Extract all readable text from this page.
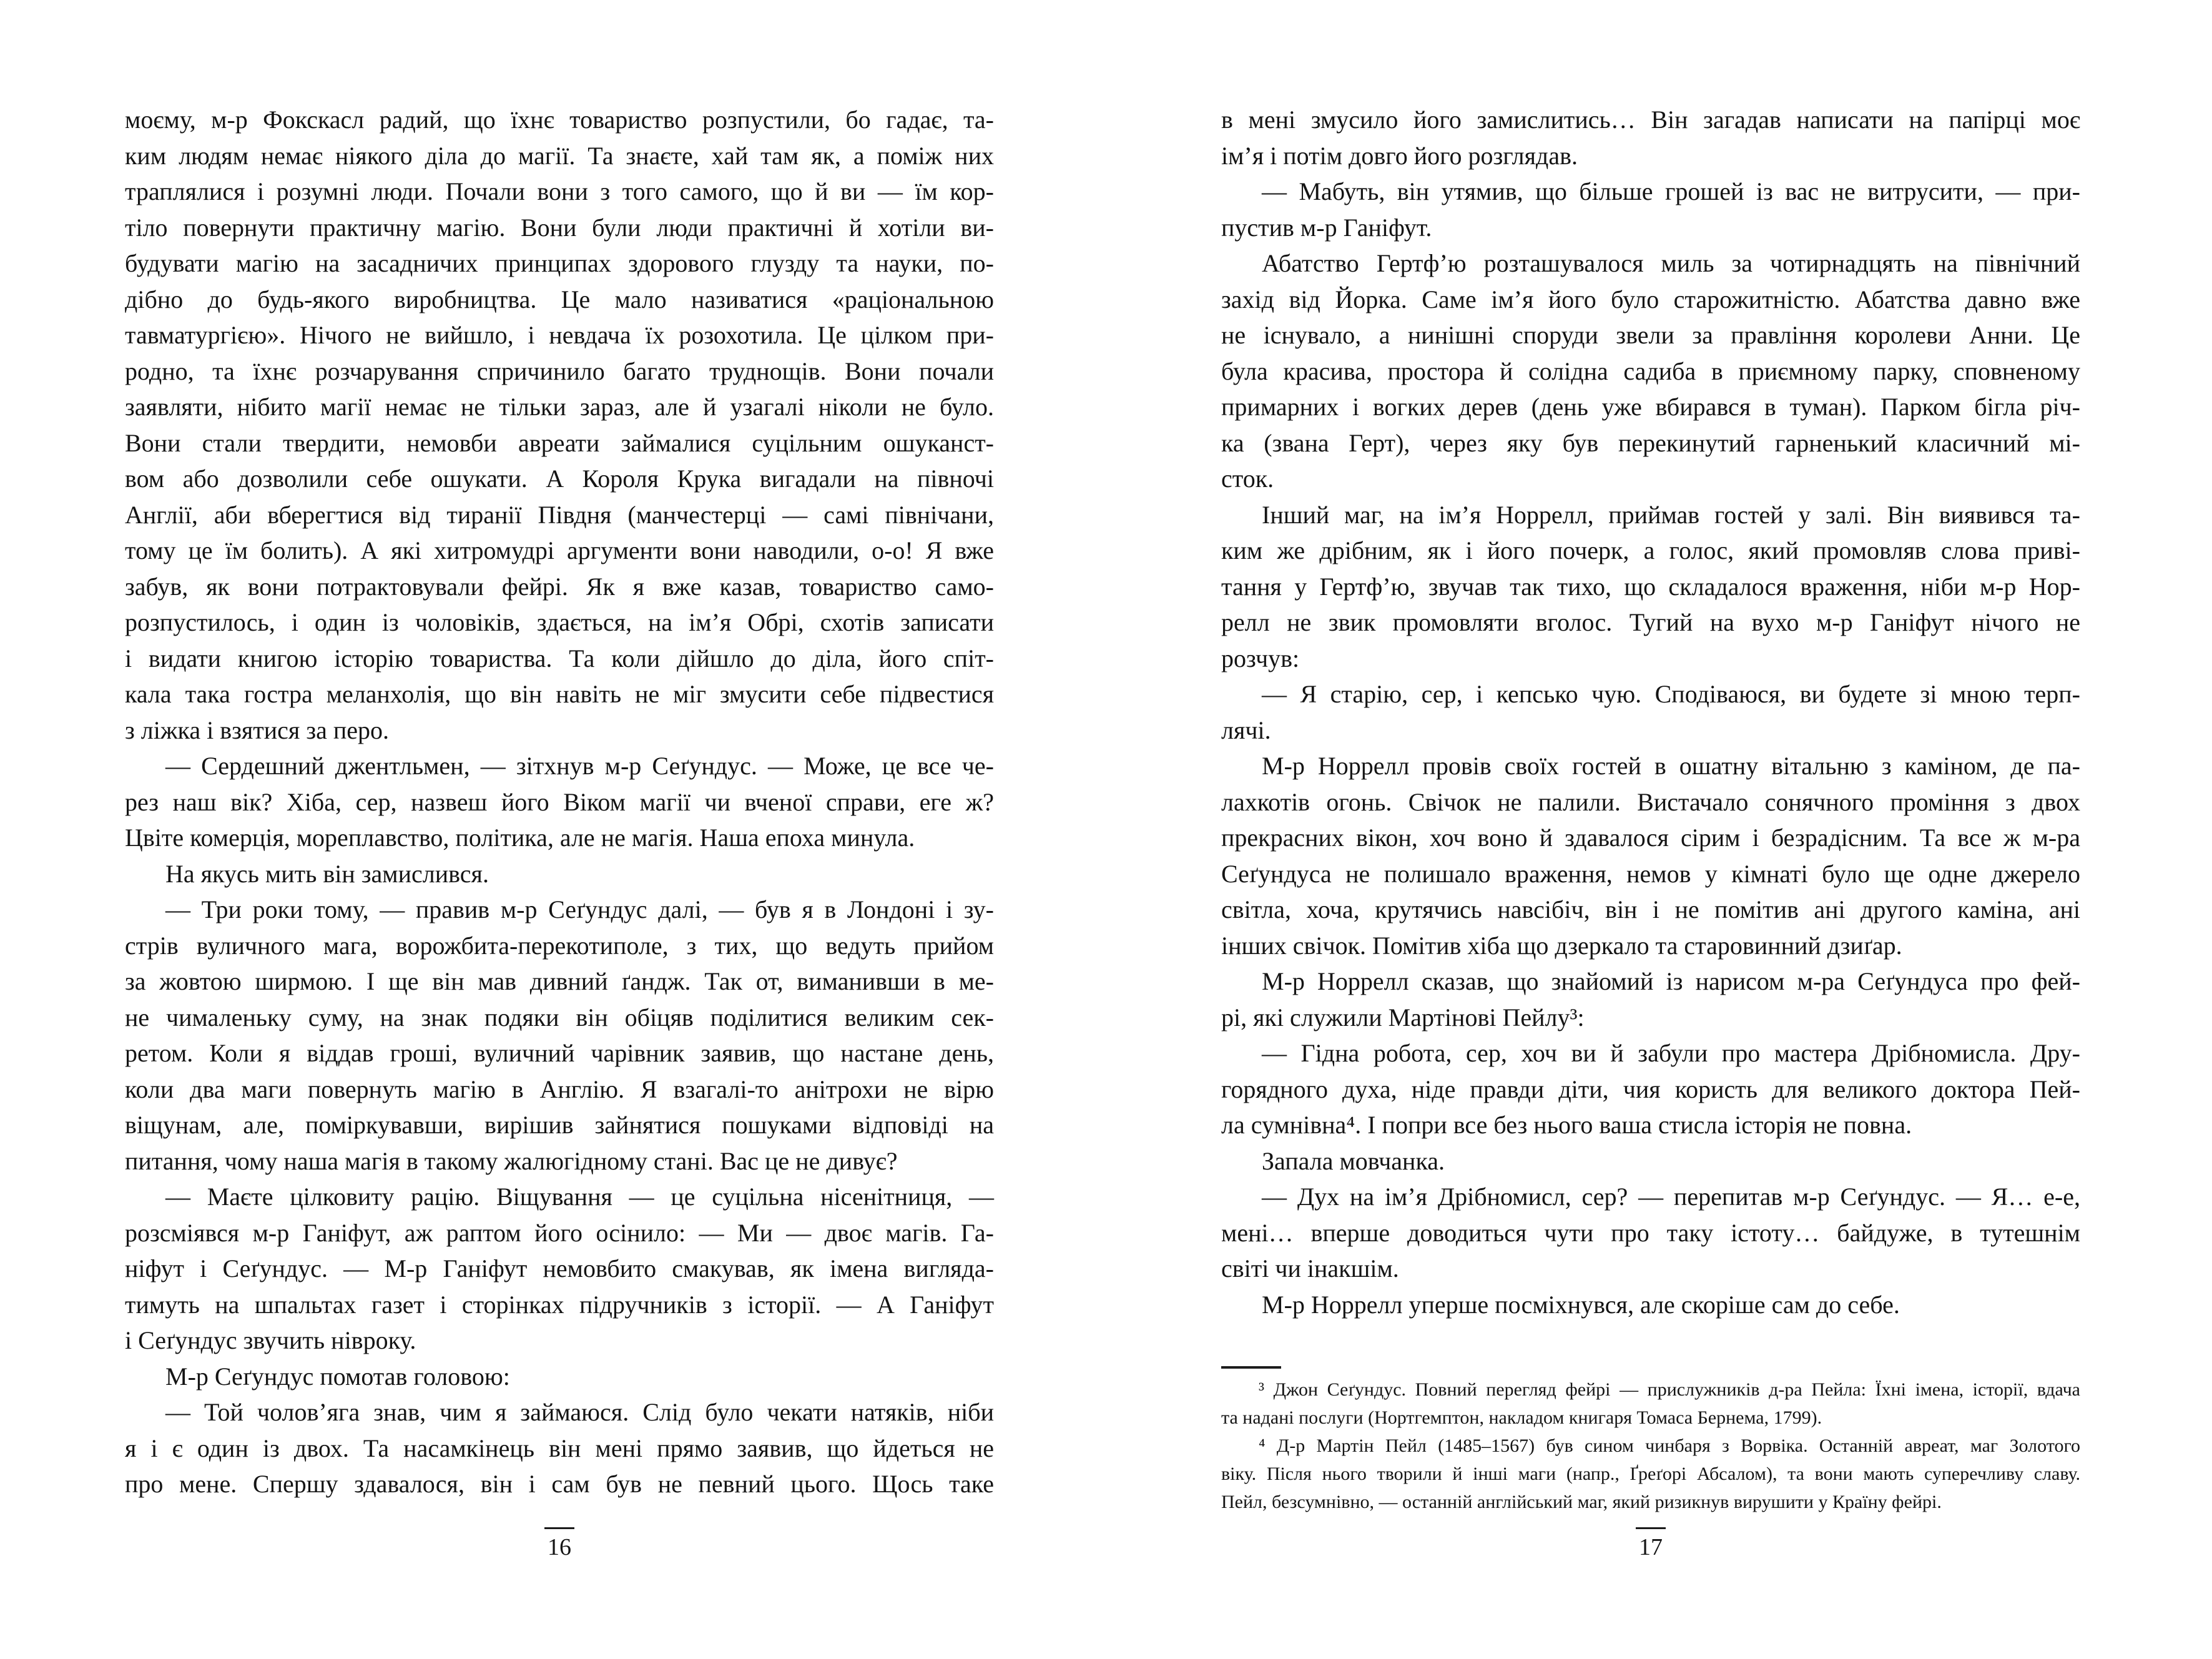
моєму, м-р Фокскасл радий, що їхнє товариство розпустили, бо гадає, та-
ким людям немає ніякого діла до магії. Та знаєте, хай там як, а поміж них
траплялися і розумні люди. Почали вони з того самого, що й ви — їм кор-
тіло повернути практичну магію. Вони були люди практичні й хотіли ви-
будувати магію на засадничих принципах здорового глузду та науки, по-
дібно до будь-якого виробництва. Це мало називатися «раціональною
тавматургією». Нічого не вийшло, і невдача їх розохотила. Це цілком при-
родно, та їхнє розчарування спричинило багато труднощів. Вони почали
заявляти, нібито магії немає не тільки зараз, але й узагалі ніколи не було.
Вони стали твердити, немовби авреати займалися суцільним ошуканст-
вом або дозволили себе ошукати. А Короля Крука вигадали на півночі
Англії, аби вберегтися від тиранії Півдня (манчестерці — самі північани,
тому це їм болить). А які хитромудрі аргументи вони наводили, о-о! Я вже
забув, як вони потрактовували фейрі. Як я вже казав, товариство само-
розпустилось, і один із чоловіків, здається, на ім’я Обрі, схотів записати
і видати книгою історію товариства. Та коли дійшло до діла, його спіт-
кала така гостра меланхолія, що він навіть не міг змусити себе підвестися
з ліжка і взятися за перо.
— Сердешний джентльмен, — зітхнув м-р Сеґундус. — Може, це все че-
рез наш вік? Хіба, сер, назвеш його Віком магії чи вченої справи, еге ж?
Цвіте комерція, мореплавство, політика, але не магія. Наша епоха минула.
На якусь мить він замислився.
— Три роки тому, — правив м-р Сеґундус далі, — був я в Лондоні і зу-
стрів вуличного мага, ворожбита-перекотиполе, з тих, що ведуть прийом
за жовтою ширмою. І ще він мав дивний ґандж. Так от, виманивши в ме-
не чималеньку суму, на знак подяки він обіцяв поділитися великим сек-
ретом. Коли я віддав гроші, вуличний чарівник заявив, що настане день,
коли два маги повернуть магію в Англію. Я взагалі-то анітрохи не вірю
віщунам, але, поміркувавши, вирішив зайнятися пошуками відповіді на
питання, чому наша магія в такому жалюгідному стані. Вас це не дивує?
— Маєте цілковиту рацію. Віщування — це суцільна нісенітниця, —
розсміявся м-р Ганіфут, аж раптом його осінило: — Ми — двоє магів. Га-
ніфут і Сеґундус. — М-р Ганіфут немовбито смакував, як імена вигляда-
тимуть на шпальтах газет і сторінках підручників з історії. — А Ганіфут
і Сеґундус звучить нівроку.
М-р Сеґундус помотав головою:
— Той чолов’яга знав, чим я займаюся. Слід було чекати натяків, ніби
я і є один із двох. Та насамкінець він мені прямо заявив, що йдеться не
про мене. Спершу здавалося, він і сам був не певний цього. Щось таке
16
в мені змусило його замислитись… Він загадав написати на папірці моє
ім’я і потім довго його розглядав.
— Мабуть, він утямив, що більше грошей із вас не витрусити, — при-
пустив м-р Ганіфут.
Абатство Гертф’ю розташувалося миль за чотирнадцять на північний
захід від Йорка. Саме ім’я його було старожитністю. Абатства давно вже
не існувало, а нинішні споруди звели за правління королеви Анни. Це
була красива, простора й солідна садиба в приємному парку, сповненому
примарних і вогких дерев (день уже вбирався в туман). Парком бігла річ-
ка (звана Герт), через яку був перекинутий гарненький класичний мі-
сток.
Інший маг, на ім’я Норрелл, приймав гостей у залі. Він виявився та-
ким же дрібним, як і його почерк, а голос, який промовляв слова приві-
тання у Гертф’ю, звучав так тихо, що складалося враження, ніби м-р Нор-
релл не звик промовляти вголос. Тугий на вухо м-р Ганіфут нічого не
розчув:
— Я старію, сер, і кепсько чую. Сподіваюся, ви будете зі мною терп-
лячі.
М-р Норрелл провів своїх гостей в ошатну вітальню з каміном, де па-
лахкотів огонь. Свічок не палили. Вистачало сонячного проміння з двох
прекрасних вікон, хоч воно й здавалося сірим і безрадісним. Та все ж м-ра
Сеґундуса не полишало враження, немов у кімнаті було ще одне джерело
світла, хоча, крутячись навсібіч, він і не помітив ані другого каміна, ані
інших свічок. Помітив хіба що дзеркало та старовинний дзиґар.
М-р Норрелл сказав, що знайомий із нарисом м-ра Сеґундуса про фей-
рі, які служили Мартінові Пейлу³:
— Гідна робота, сер, хоч ви й забули про мастера Дрібномисла. Дру-
горядного духа, ніде правди діти, чия користь для великого доктора Пей-
ла сумнівна⁴. І попри все без нього ваша стисла історія не повна.
Запала мовчанка.
— Дух на ім’я Дрібномисл, сер? — перепитав м-р Сеґундус. — Я… е-е,
мені… вперше доводиться чути про таку істоту… байдуже, в тутешнім
світі чи інакшім.
М-р Норрелл уперше посміхнувся, але скоріше сам до себе.
³ Джон Сеґундус. Повний перегляд фейрі — прислужників д-ра Пейла: Їхні імена, історії, вдача
та надані послуги (Нортгемптон, накладом книгаря Томаса Бернема, 1799).
⁴ Д-р Мартін Пейл (1485–1567) був сином чинбаря з Ворвіка. Останній авреат, маг Золотого
віку. Після нього творили й інші маги (напр., Ґреґорі Абсалом), та вони мають суперечливу славу.
Пейл, безсумнівно, — останній англійський маг, який ризикнув вирушити у Країну фейрі.
17
